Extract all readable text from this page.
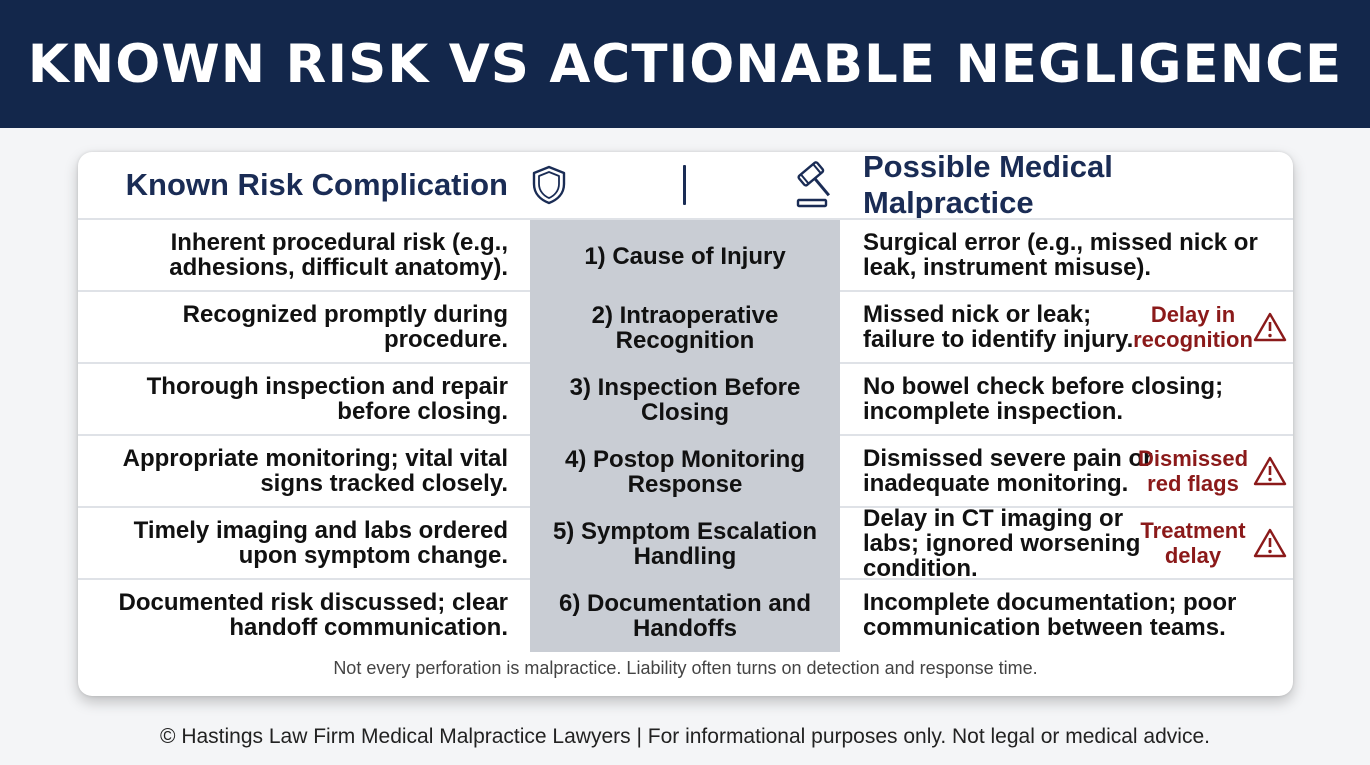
KNOWN RISK VS ACTIONABLE NEGLIGENCE
Known Risk Complication
Possible Medical Malpractice
Inherent procedural risk (e.g., adhesions, difficult anatomy).	1) Cause of Injury	Surgical error (e.g., missed nick or leak, instrument misuse).
Recognized promptly during procedure.
2) Intraoperative Recognition
Missed nick or leak; failure to identify injury.
Delay in recognition
Thorough inspection and repair before closing.
3) Inspection Before Closing
No bowel check before closing; incomplete inspection.
Appropriate monitoring; vital vital signs tracked closely.
4) Postop Monitoring Response
Dismissed severe pain or inadequate monitoring.
Dismissed red flags
Timely imaging and labs ordered upon symptom change.
5) Symptom Escalation Handling
Delay in CT imaging or labs; ignored worsening condition.
Treatment delay
Documented risk discussed; clear handoff communication.
6) Documentation and Handoffs
Incomplete documentation; poor communication between teams.
Not every perforation is malpractice. Liability often turns on detection and response time.
© Hastings Law Firm Medical Malpractice Lawyers | For informational purposes only. Not legal or medical advice.
